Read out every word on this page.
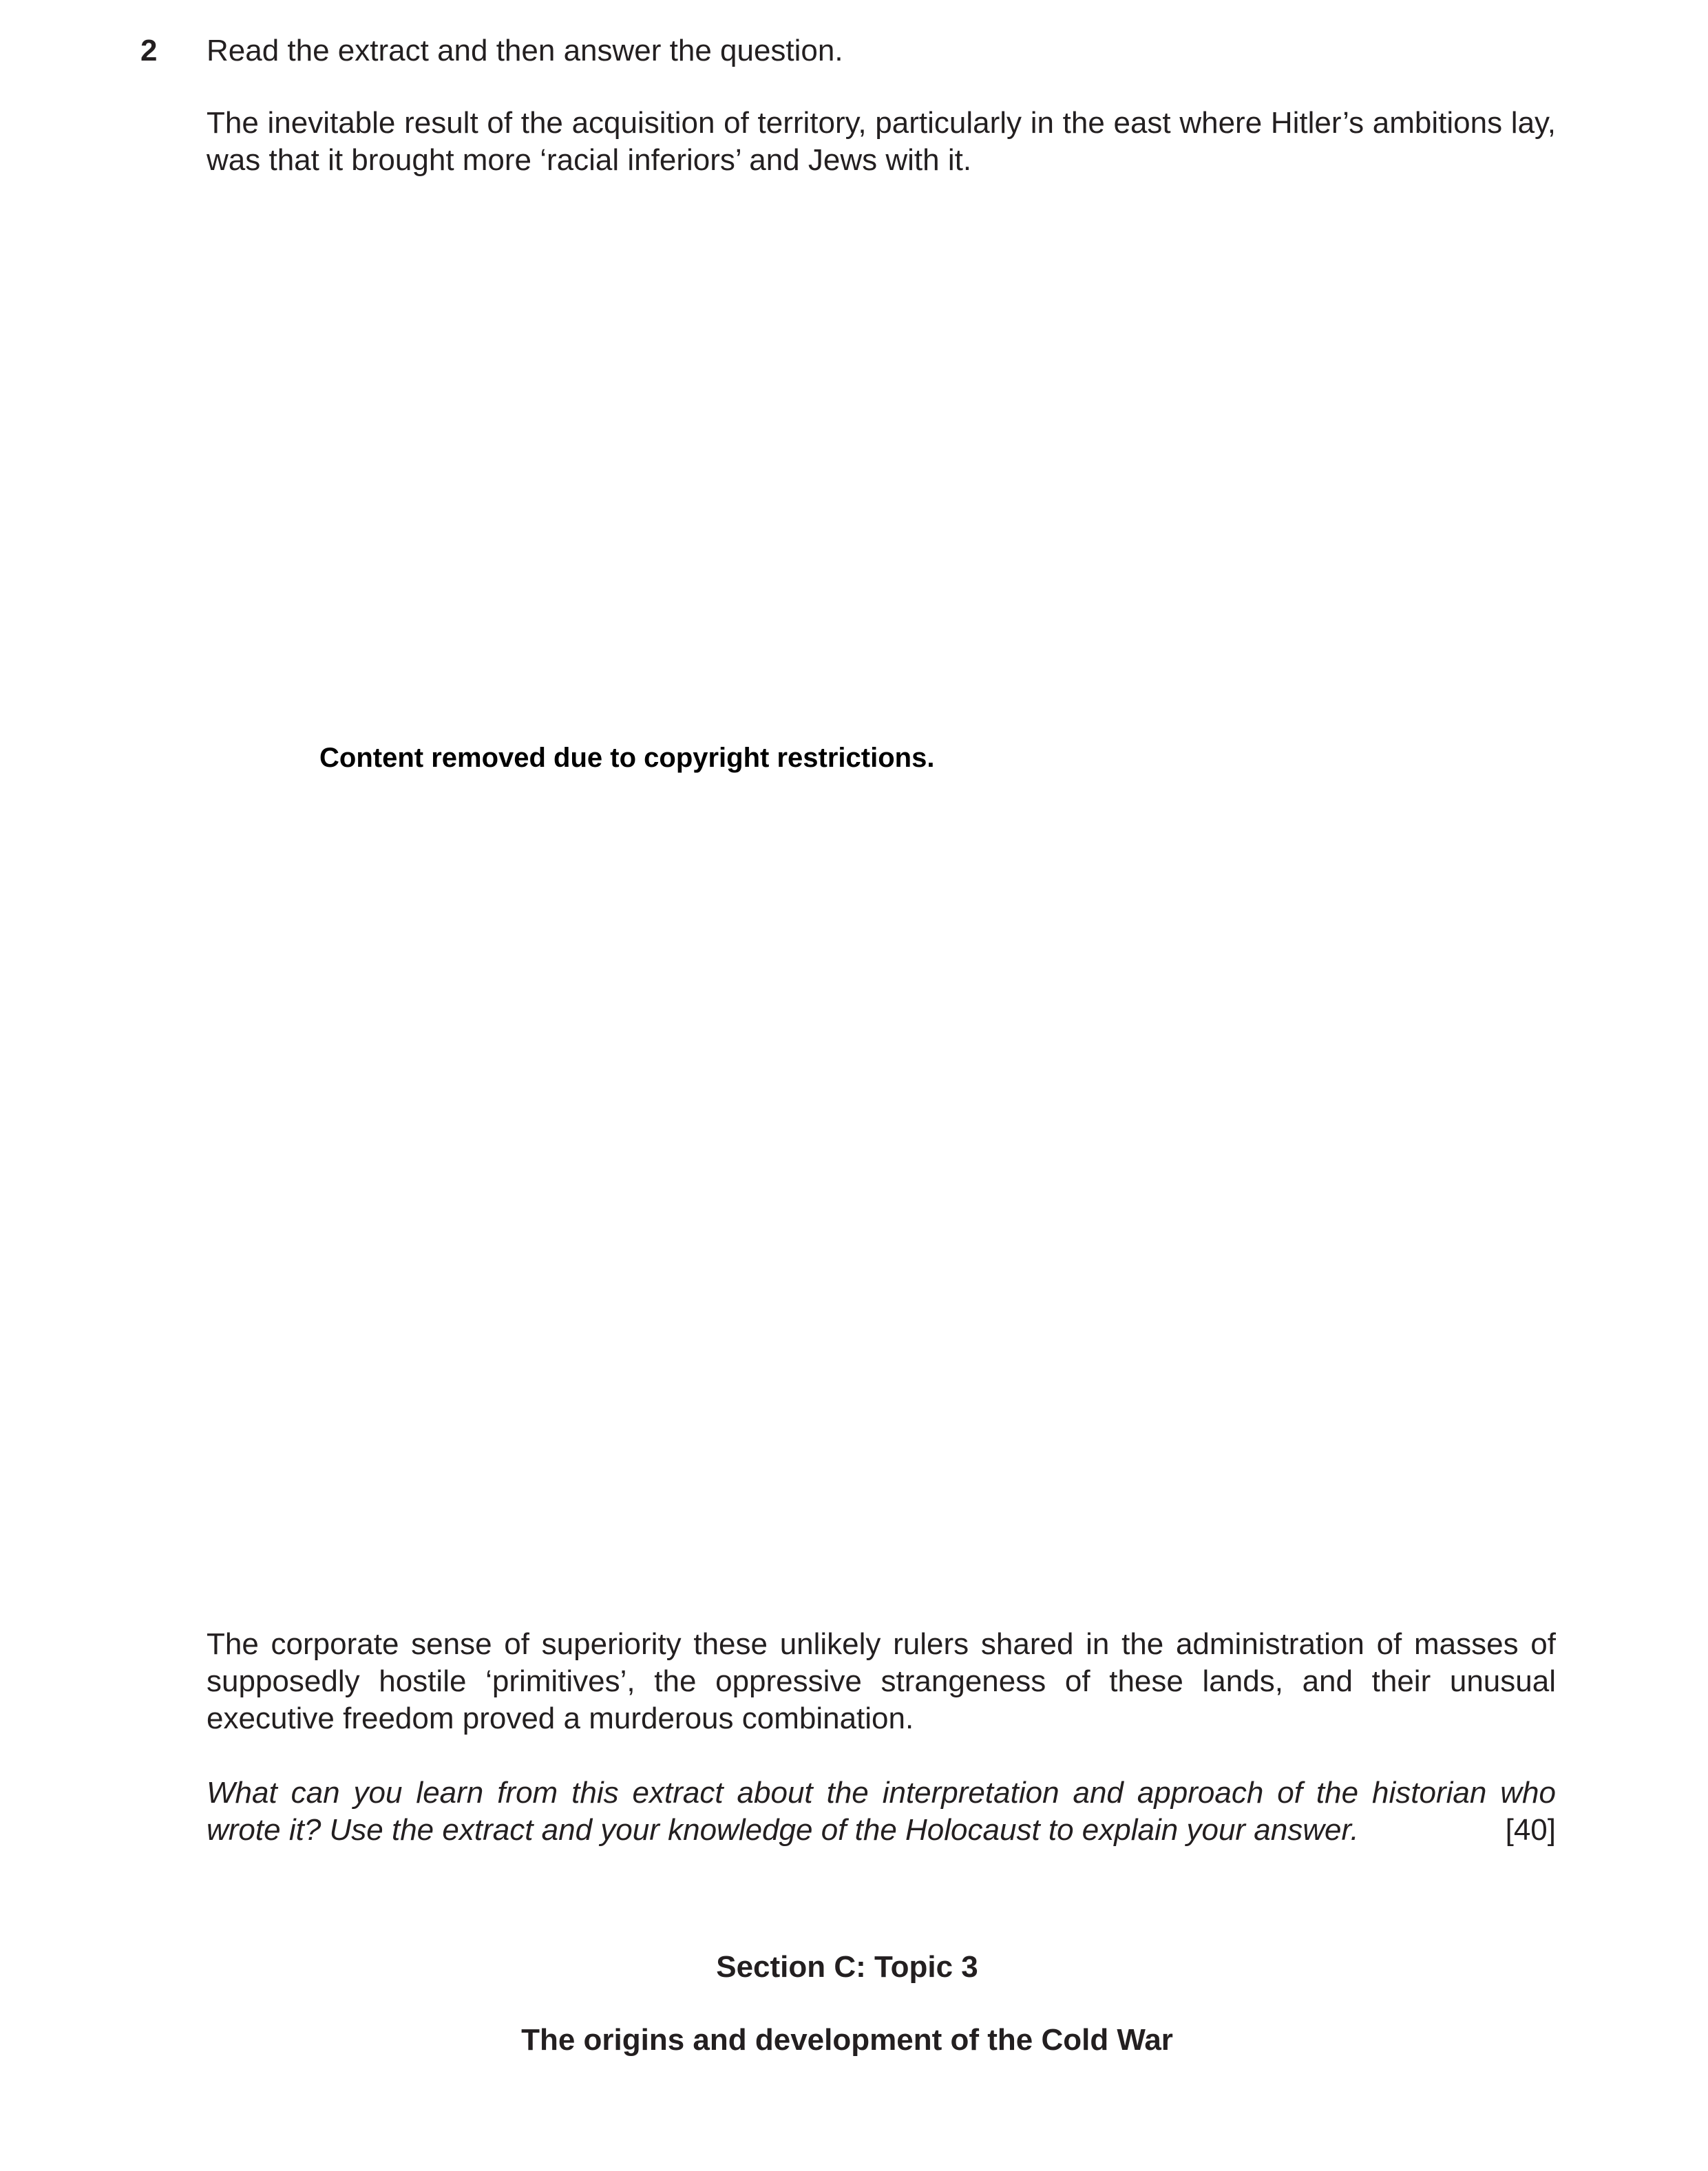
2 Read the extract and then answer the question.
The inevitable result of the acquisition of territory, particularly in the east where Hitler’s ambitions lay, was that it brought more ‘racial inferiors’ and Jews with it.
Content removed due to copyright restrictions.
The corporate sense of superiority these unlikely rulers shared in the administration of masses of supposedly hostile ‘primitives’, the oppressive strangeness of these lands, and their unusual executive freedom proved a murderous combination.
What can you learn from this extract about the interpretation and approach of the historian who wrote it? Use the extract and your knowledge of the Holocaust to explain your answer.	[40]
Section C: Topic 3
The origins and development of the Cold War
